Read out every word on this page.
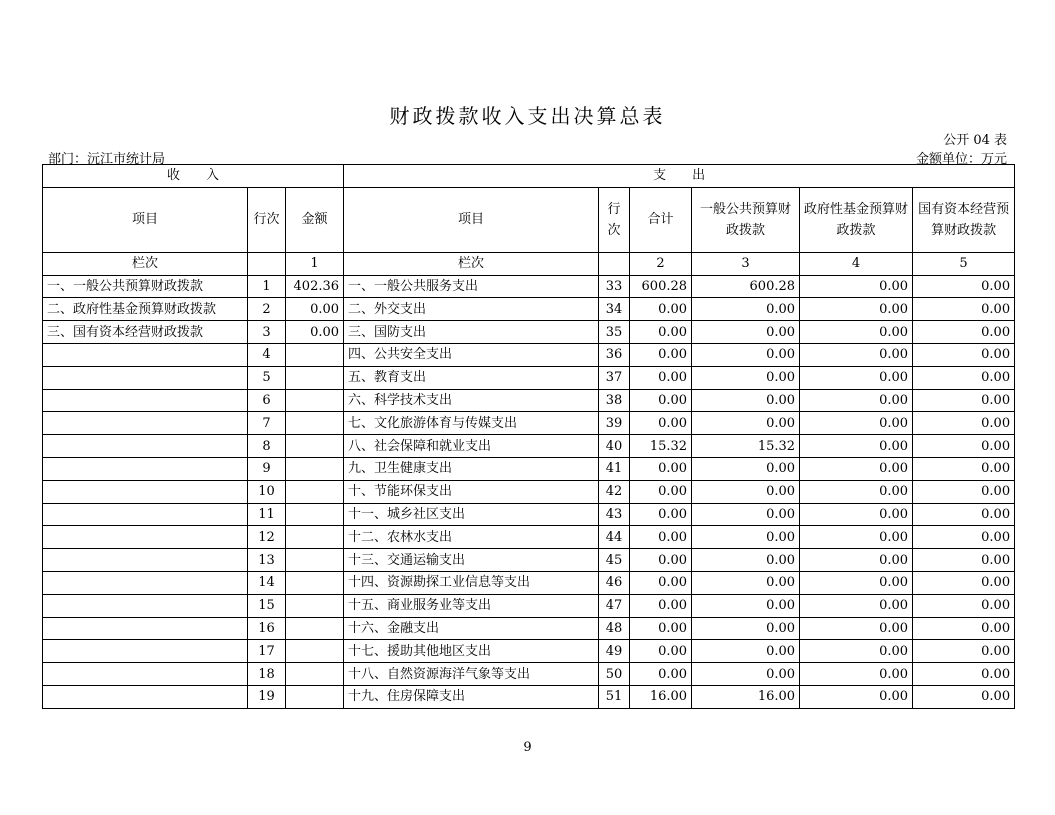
财政拨款收入支出决算总表
公开 04 表
部门：沅江市统计局	金额单位：万元
收　　入			支　　出					
项目	行次	金额	项目	行次	合计	一般公共预算财政拨款	政府性基金预算财政拨款	国有资本经营预算财政拨款
栏次		1	栏次		2	3	4	5
一、一般公共预算财政拨款	1	402.36	一、一般公共服务支出	33	600.28	600.28	0.00	0.00
二、政府性基金预算财政拨款	2	0.00	二、外交支出	34	0.00	0.00	0.00	0.00
三、国有资本经营财政拨款	3	0.00	三、国防支出	35	0.00	0.00	0.00	0.00
	4		四、公共安全支出	36	0.00	0.00	0.00	0.00
	5		五、教育支出	37	0.00	0.00	0.00	0.00
	6		六、科学技术支出	38	0.00	0.00	0.00	0.00
	7		七、文化旅游体育与传媒支出	39	0.00	0.00	0.00	0.00
	8		八、社会保障和就业支出	40	15.32	15.32	0.00	0.00
	9		九、卫生健康支出	41	0.00	0.00	0.00	0.00
	10		十、节能环保支出	42	0.00	0.00	0.00	0.00
	11		十一、城乡社区支出	43	0.00	0.00	0.00	0.00
	12		十二、农林水支出	44	0.00	0.00	0.00	0.00
	13		十三、交通运输支出	45	0.00	0.00	0.00	0.00
	14		十四、资源勘探工业信息等支出	46	0.00	0.00	0.00	0.00
	15		十五、商业服务业等支出	47	0.00	0.00	0.00	0.00
	16		十六、金融支出	48	0.00	0.00	0.00	0.00
	17		十七、援助其他地区支出	49	0.00	0.00	0.00	0.00
	18		十八、自然资源海洋气象等支出	50	0.00	0.00	0.00	0.00
	19		十九、住房保障支出	51	16.00	16.00	0.00	0.00
9
